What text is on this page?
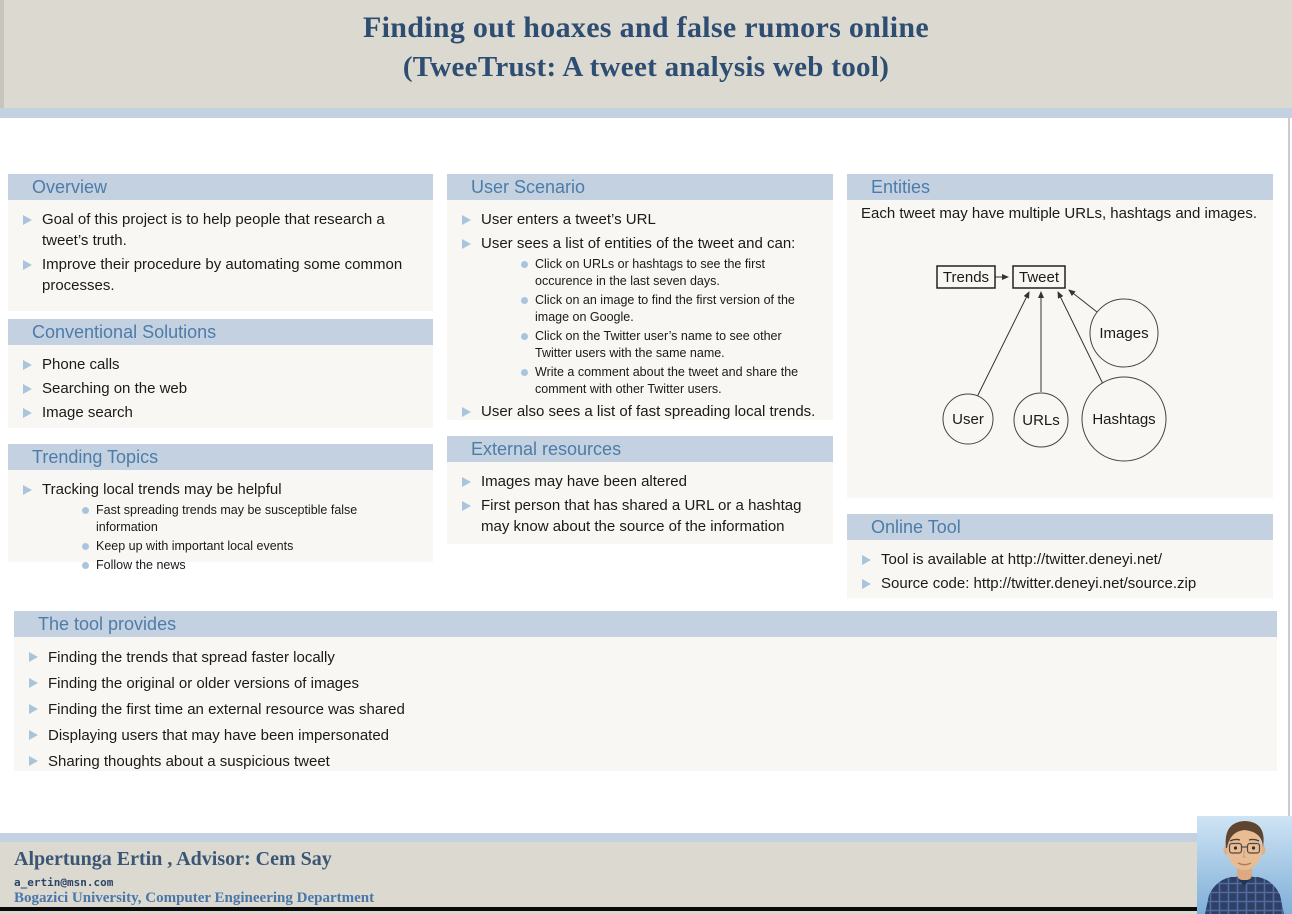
Finding out hoaxes and false rumors online
(TweeTrust: A tweet analysis web tool)
Overview
Goal of this project is to help people that research a tweet’s truth.
Improve their procedure by automating some common processes.
Conventional Solutions
Phone calls
Searching on the web
Image search
Trending Topics
Tracking local trends may be helpful
Fast spreading trends may be susceptible false information
Keep up with important local events
Follow the news
User Scenario
User enters a tweet’s URL
User sees a list of entities of the tweet and can:
Click on URLs or hashtags to see the first occurence in the last seven days.
Click on an image to find the first version of the image on Google.
Click on the Twitter user’s name to see other Twitter users with the same name.
Write a comment about the tweet and share the comment with other Twitter users.
User also sees a list of fast spreading local trends.
External resources
Images may have been altered
First person that has shared a URL or a hashtag may know about the source of the information
Entities
Each tweet may have multiple URLs, hashtags and images.
Trends Tweet
User	URLs Hashtags
Images
Online Tool
Tool is available at http://twitter.deneyi.net/
Source code: http://twitter.deneyi.net/source.zip
The tool provides
Finding the trends that spread faster locally
Finding the original or older versions of images
Finding the first time an external resource was shared
Displaying users that may have been impersonated
Sharing thoughts about a suspicious tweet
Alpertunga Ertin , Advisor: Cem Say
a_ertin@msn.com
Bogazici University, Computer Engineering Department
